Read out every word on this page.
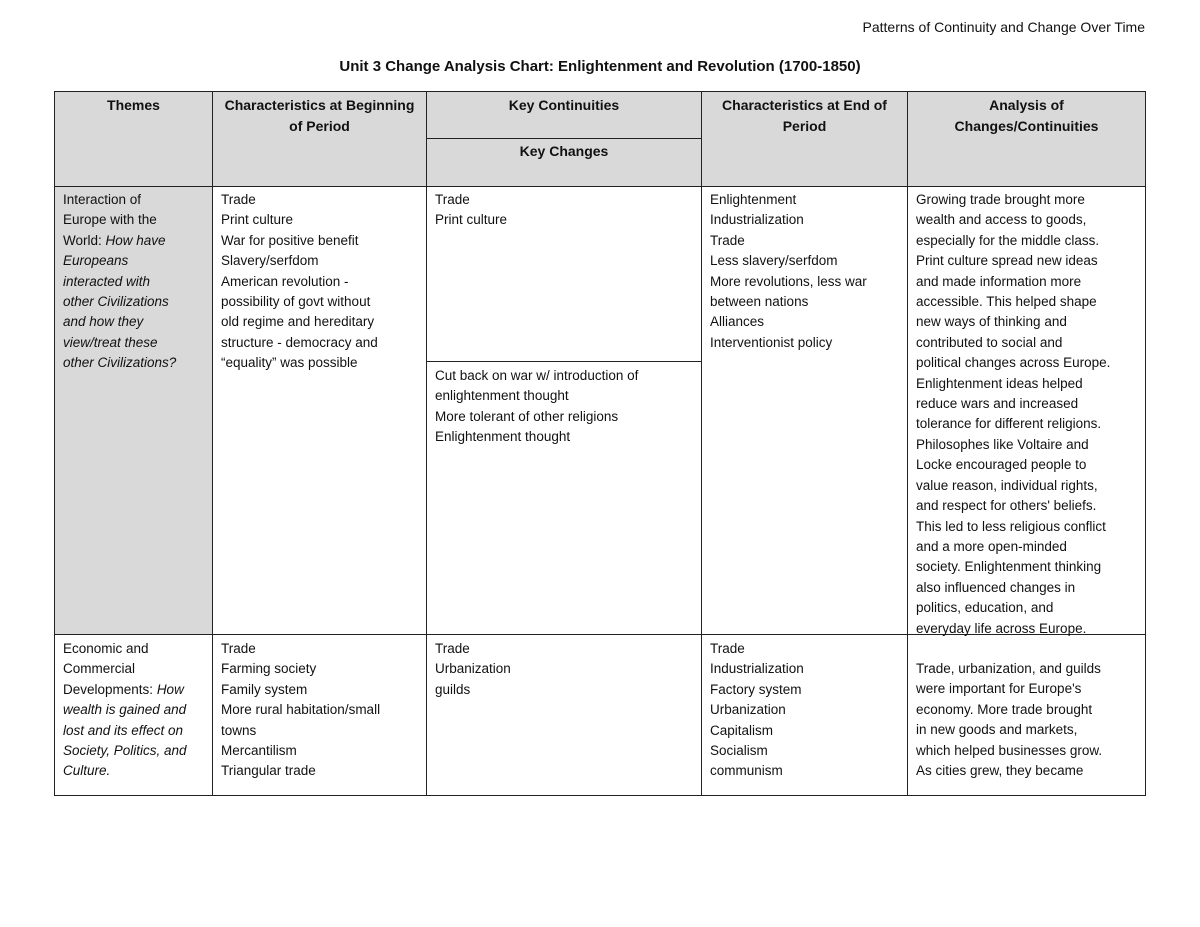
Patterns of Continuity and Change Over Time
Unit 3 Change Analysis Chart: Enlightenment and Revolution (1700-1850)
Themes	Characteristics at Beginning of Period
Key Continuities
Key Changes
Characteristics at End of Period
Analysis of Changes/Continuities
Interaction of
Europe with the
World: How have
Europeans
interacted with
other Civilizations
and how they
view/treat these
other Civilizations?
Trade
Print culture
War for positive benefit
Slavery/serfdom
American revolution -
possibility of govt without
old regime and hereditary
structure - democracy and
“equality” was possible
Trade
Print culture
Cut back on war w/ introduction of
enlightenment thought
More tolerant of other religions
Enlightenment thought
Enlightenment
Industrialization
Trade
Less slavery/serfdom
More revolutions, less war
between nations
Alliances
Interventionist policy
Growing trade brought more
wealth and access to goods,
especially for the middle class.
Print culture spread new ideas
and made information more
accessible. This helped shape
new ways of thinking and
contributed to social and
political changes across Europe.
Enlightenment ideas helped
reduce wars and increased
tolerance for different religions.
Philosophes like Voltaire and
Locke encouraged people to
value reason, individual rights,
and respect for others' beliefs.
This led to less religious conflict
and a more open-minded
society. Enlightenment thinking
also influenced changes in
politics, education, and
everyday life across Europe.
Economic and
Commercial
Developments: How
wealth is gained and
lost and its effect on
Society, Politics, and
Culture.
Trade
Farming society
Family system
More rural habitation/small
towns
Mercantilism
Triangular trade
Trade
Urbanization
guilds
Trade
Industrialization
Factory system
Urbanization
Capitalism
Socialism
communism
Trade, urbanization, and guilds
were important for Europe's
economy. More trade brought
in new goods and markets,
which helped businesses grow.
As cities grew, they became
